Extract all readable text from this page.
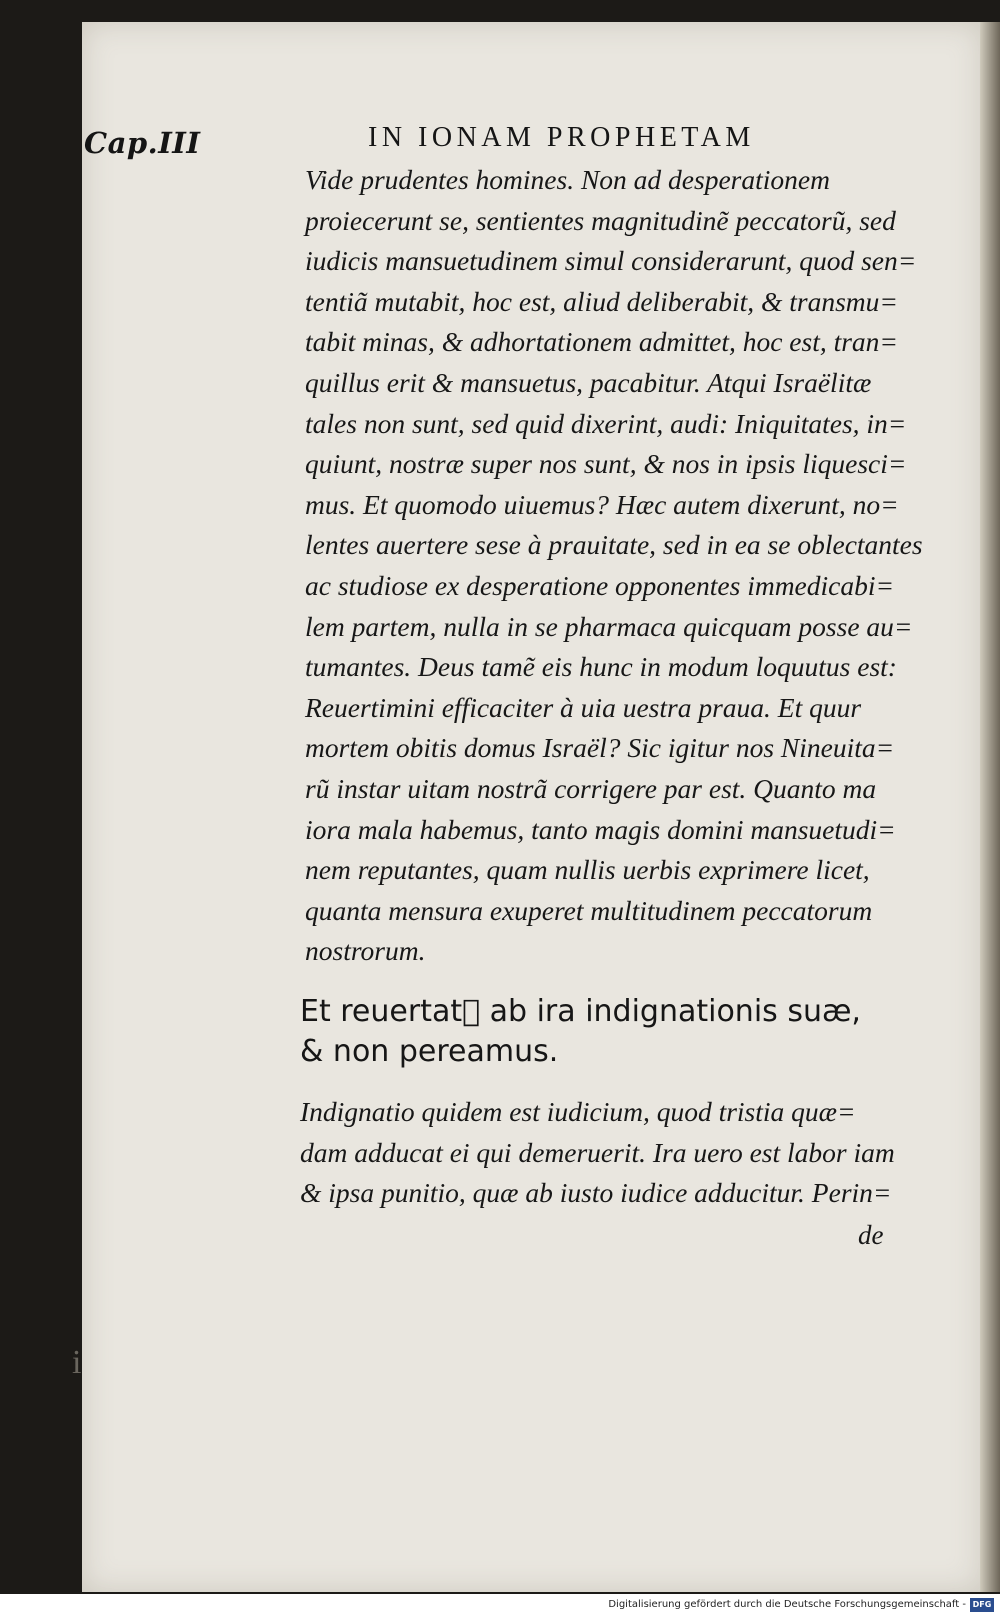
Cap.III	IN IONAM PROPHETAM
Vide prudentes homines. Non ad desperationem
proiecerunt se, sentientes magnitudinẽ peccatorũ, sed
iudicis mansuetudinem simul considerarunt, quod sen=
tentiã mutabit, hoc est, aliud deliberabit, & transmu=
tabit minas, & adhortationem admittet, hoc est, tran=
quillus erit & mansuetus, pacabitur. Atqui Israëlitæ
tales non sunt, sed quid dixerint, audi: Iniquitates, in=
quiunt, nostræ super nos sunt, & nos in ipsis liquesci=
mus. Et quomodo uiuemus? Hæc autem dixerunt, no=
lentes auertere sese à prauitate, sed in ea se oblectantes
ac studiose ex desperatione opponentes immedicabi=
lem partem, nulla in se pharmaca quicquam posse au=
tumantes. Deus tamẽ eis hunc in modum loquutus est:
Reuertimini efficaciter à uia uestra praua. Et quur
mortem obitis domus Israël? Sic igitur nos Nineuita=
rũ instar uitam nostrã corrigere par est. Quanto ma
iora mala habemus, tanto magis domini mansuetudi=
nem reputantes, quam nullis uerbis exprimere licet,
quanta mensura exuperet multitudinem peccatorum
nostrorum.
Et reuertatᷣ ab ira indignationis suæ,
& non pereamus.
Indignatio quidem est iudicium, quod tristia quæ=
dam adducat ei qui demeruerit. Ira uero est labor iam
& ipsa punitio, quæ ab iusto iudice adducitur. Perin=
de
i
Digitalisierung gefördert durch die Deutsche Forschungsgemeinschaft - DFG
